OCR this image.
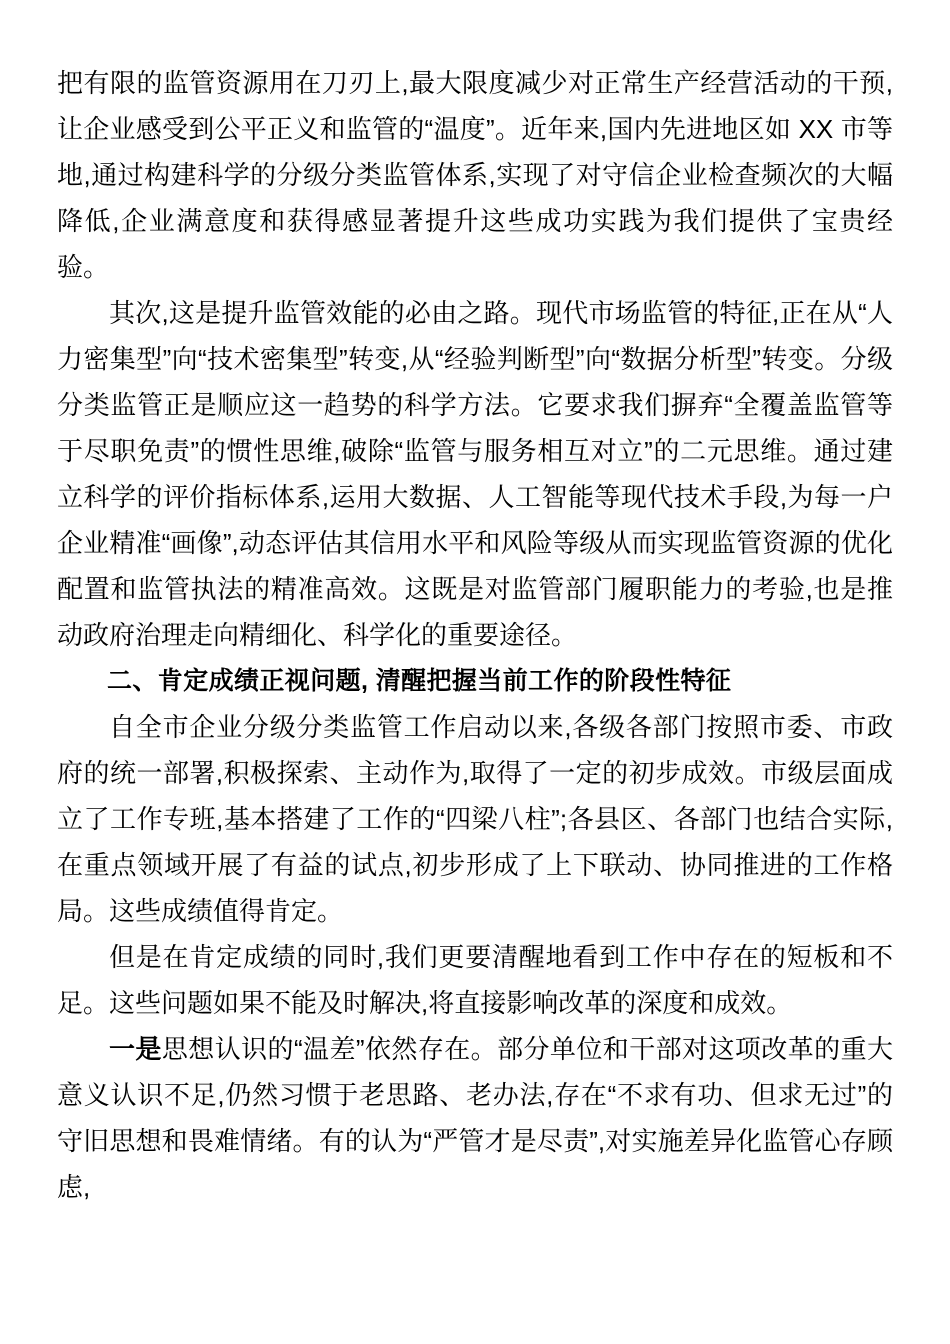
把有限的监管资源用在刀刃上,最大限度减少对正常生产经营活动的干预,让企业感受到公平正义和监管的“温度”。近年来,国内先进地区如 XX 市等地,通过构建科学的分级分类监管体系,实现了对守信企业检查频次的大幅降低,企业满意度和获得感显著提升这些成功实践为我们提供了宝贵经验。

其次,这是提升监管效能的必由之路。现代市场监管的特征,正在从“人力密集型”向“技术密集型”转变,从“经验判断型”向“数据分析型”转变。分级分类监管正是顺应这一趋势的科学方法。它要求我们摒弃“全覆盖监管等于尽职免责”的惯性思维,破除“监管与服务相互对立”的二元思维。通过建立科学的评价指标体系,运用大数据、人工智能等现代技术手段,为每一户企业精准“画像”,动态评估其信用水平和风险等级从而实现监管资源的优化配置和监管执法的精准高效。这既是对监管部门履职能力的考验,也是推动政府治理走向精细化、科学化的重要途径。

二、肯定成绩正视问题, 清醒把握当前工作的阶段性特征

自全市企业分级分类监管工作启动以来,各级各部门按照市委、市政府的统一部署,积极探索、主动作为,取得了一定的初步成效。市级层面成立了工作专班,基本搭建了工作的“四梁八柱”;各县区、各部门也结合实际,在重点领域开展了有益的试点,初步形成了上下联动、协同推进的工作格局。这些成绩值得肯定。

但是在肯定成绩的同时,我们更要清醒地看到工作中存在的短板和不足。这些问题如果不能及时解决,将直接影响改革的深度和成效。

一是思想认识的“温差”依然存在。部分单位和干部对这项改革的重大意义认识不足,仍然习惯于老思路、老办法,存在“不求有功、但求无过”的守旧思想和畏难情绪。有的认为“严管才是尽责”,对实施差异化监管心存顾虑,
